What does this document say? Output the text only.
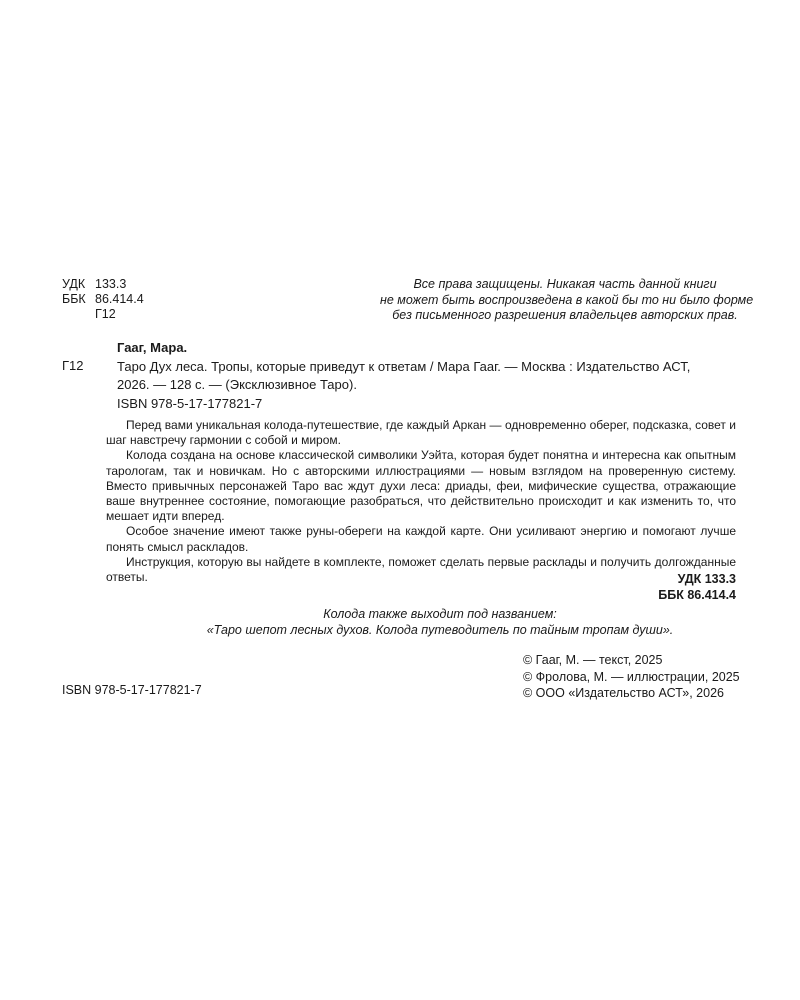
УДК 133.3
ББК 86.414.4
Г12
Все права защищены. Никакая часть данной книги
не может быть воспроизведена в какой бы то ни было форме
без письменного разрешения владельцев авторских прав.
Гааг, Мара.
Г12	Таро Дух леса. Тропы, которые приведут к ответам / Мара Гааг. — Москва : Издательство АСТ,
2026. — 128 с. — (Эксклюзивное Таро).
ISBN 978-5-17-177821-7

Перед вами уникальная колода-путешествие, где каждый Аркан — одновременно оберег, подсказка, совет и шаг навстречу гармонии с собой и миром.

Колода создана на основе классической символики Уэйта, которая будет понятна и интересна как опытным тарологам, так и новичкам. Но с авторскими иллюстрациями — новым взглядом на проверенную систему. Вместо привычных персонажей Таро вас ждут духи леса: дриады, феи, мифические существа, отражающие ваше внутреннее состояние, помогающие разобраться, что действительно происходит и как изменить то, что мешает идти вперед.

Особое значение имеют также руны-обереги на каждой карте. Они усиливают энергию и помогают лучше понять смысл раскладов.

Инструкция, которую вы найдете в комплекте, поможет сделать первые расклады и получить долгожданные ответы.	УДК 133.3
ББК 86.414.4
Колода также выходит под названием:
«Таро шепот лесных духов. Колода путеводитель по тайным тропам души».
© Гааг, М. — текст, 2025
© Фролова, М. — иллюстрации, 2025
© ООО «Издательство АСТ», 2026
ISBN 978-5-17-177821-7
